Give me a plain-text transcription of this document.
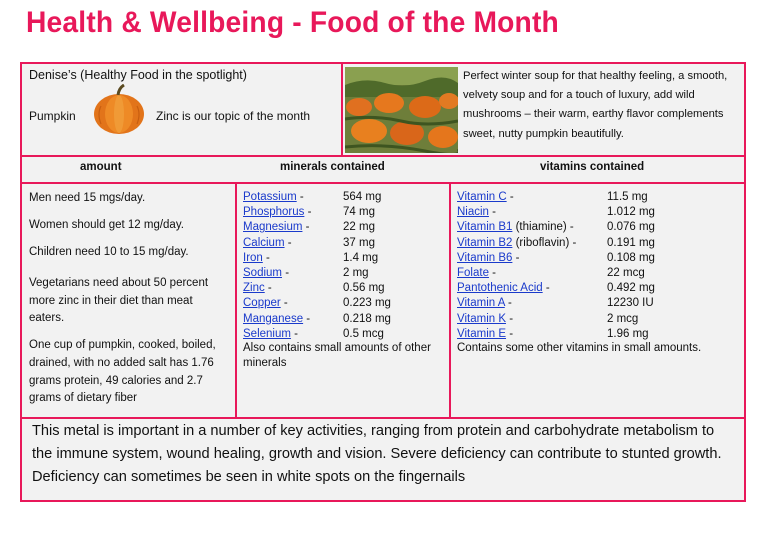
Health & Wellbeing - Food of the Month
Denise’s (Healthy Food in the spotlight)
Pumpkin	Zinc is our topic of the month
Perfect winter soup for that healthy feeling, a smooth,
velvety soup and for a touch of luxury, add wild
mushrooms – their warm, earthy flavor complements
sweet, nutty pumpkin beautifully.
amount	minerals contained	vitamins contained
Men need 15 mgs/day.
Women should get 12 mg/day.
Children need 10 to 15 mg/day.
Vegetarians need about 50 percent
more zinc in their diet than meat
eaters.
One cup of pumpkin, cooked, boiled,
drained, with no added salt has 1.76
grams protein, 49 calories and 2.7
grams of dietary fiber
Potassium -	564 mg
Phosphorus -	74 mg
Magnesium -	22 mg
Calcium -	37 mg
Iron -	1.4 mg
Sodium -	2 mg
Zinc -	0.56 mg
Copper -	0.223 mg
Manganese -	0.218 mg
Selenium -	0.5 mcg
Also contains small amounts of other
minerals
Vitamin C -	11.5 mg
Niacin -	1.012 mg
Vitamin B1 (thiamine) -	0.076 mg
Vitamin B2 (riboflavin) -	0.191 mg
Vitamin B6 -	0.108 mg
Folate -	22 mcg
Pantothenic Acid -	0.492 mg
Vitamin A -	12230 IU
Vitamin K -	2 mcg
Vitamin E -	1.96 mg
Contains some other vitamins in small amounts.
This metal is important in a number of key activities, ranging from protein and carbohydrate metabolism to the immune system, wound healing, growth and vision. Severe deficiency can contribute to stunted growth. Deficiency can sometimes be seen in white spots on the fingernails
